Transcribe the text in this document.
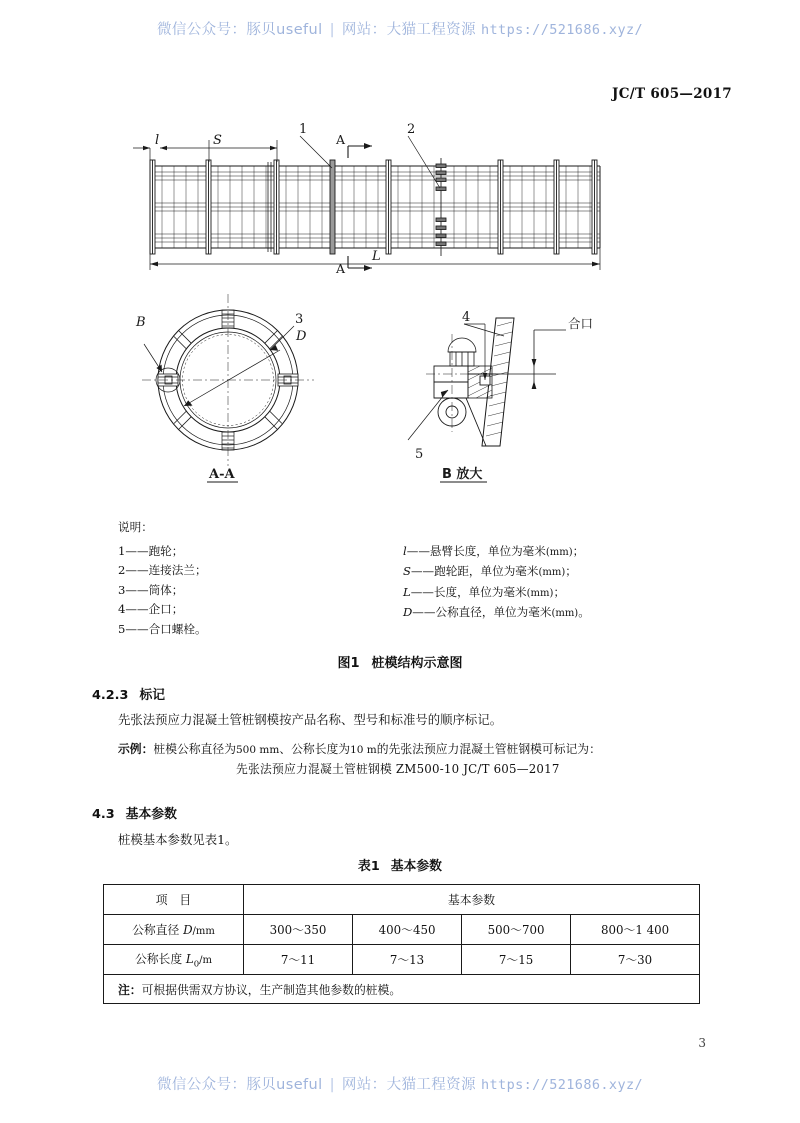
微信公众号：豚贝useful | 网站：大猫工程资源 https://521686.xyz/
JC/T 605—2017
l	S
L
1	2
A
A
B	3
D
4
5
合口
A-A	B 放大
说明：
1——跑轮；
2——连接法兰；
3——筒体；
4——企口；
5——合口螺栓。
l——悬臂长度，单位为毫米(mm)；
S——跑轮距，单位为毫米(mm)；
L——长度，单位为毫米(mm)；
D——公称直径，单位为毫米(mm)。
图1 桩模结构示意图
4.2.3 标记
先张法预应力混凝土管桩钢模按产品名称、型号和标准号的顺序标记。
示例：桩模公称直径为500 mm、公称长度为10 m的先张法预应力混凝土管桩钢模可标记为：
先张法预应力混凝土管桩钢模 ZM500-10 JC/T 605—2017
4.3 基本参数
桩模基本参数见表1。
表1 基本参数
项　目	基本参数			
公称直径 D/mm	300～350	400～450	500～700	800～1 400
公称长度 $L_0/m$	7～11	7～13	7～15	7～30
注：可根据供需双方协议，生产制造其他参数的桩模。				
3
微信公众号：豚贝useful | 网站：大猫工程资源 https://521686.xyz/
